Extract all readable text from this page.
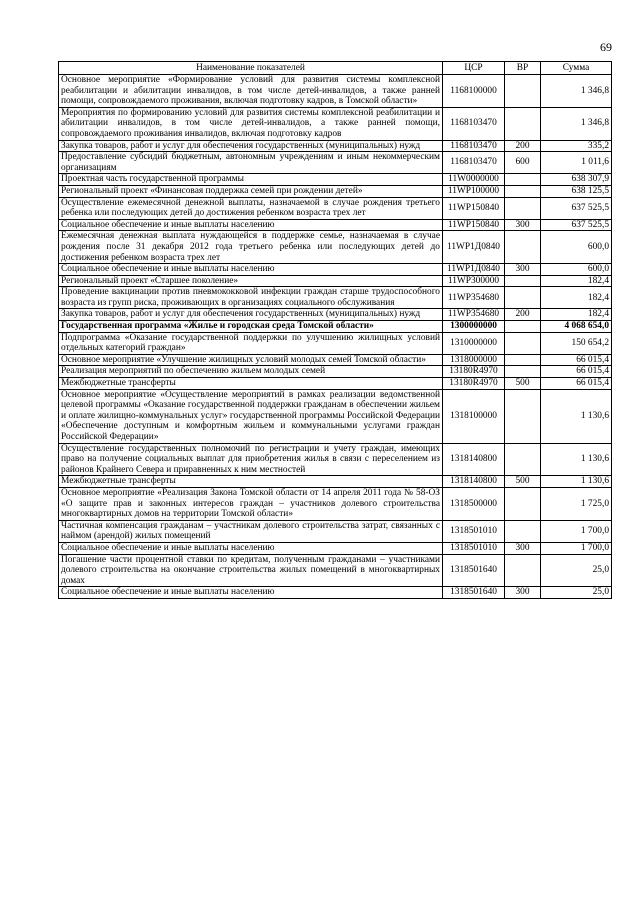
69
Наименование показателей	ЦСР	ВР	Сумма
Основное мероприятие «Формирование условий для развития системы комплексной реабилитации и абилитации инвалидов, в том числе детей-инвалидов, а также ранней помощи, сопровождаемого проживания, включая подготовку кадров, в Томской области»	1168100000		1 346,8
Мероприятия по формированию условий для развития системы комплексной реабилитации и абилитации инвалидов, в том числе детей-инвалидов, а также ранней помощи, сопровождаемого проживания инвалидов, включая подготовку кадров	1168103470		1 346,8
Закупка товаров, работ и услуг для обеспечения государственных (муниципальных) нужд	1168103470	200	335,2
Предоставление субсидий бюджетным, автономным учреждениям и иным некоммерческим организациям	1168103470	600	1 011,6
Проектная часть государственной программы	11W0000000		638 307,9
Региональный проект «Финансовая поддержка семей при рождении детей»	11WP100000		638 125,5
Осуществление ежемесячной денежной выплаты, назначаемой в случае рождения третьего ребенка или последующих детей до достижения ребенком возраста трех лет	11WP150840		637 525,5
Социальное обеспечение и иные выплаты населению	11WP150840	300	637 525,5
Ежемесячная денежная выплата нуждающейся в поддержке семье, назначаемая в случае рождения после 31 декабря 2012 года третьего ребенка или последующих детей до достижения ребенком возраста трех лет	11WP1Д0840		600,0
Социальное обеспечение и иные выплаты населению	11WP1Д0840	300	600,0
Региональный проект «Старшее поколение»	11WP300000		182,4
Проведение вакцинации против пневмококковой инфекции граждан старше трудоспособного возраста из групп риска, проживающих в организациях социального обслуживания	11WP354680		182,4
Закупка товаров, работ и услуг для обеспечения государственных (муниципальных) нужд	11WP354680	200	182,4
Государственная программа «Жилье и городская среда Томской области»	1300000000		4 068 654,0
Подпрограмма «Оказание государственной поддержки по улучшению жилищных условий отдельных категорий граждан»	1310000000		150 654,2
Основное мероприятие «Улучшение жилищных условий молодых семей Томской области»	1318000000		66 015,4
Реализация мероприятий по обеспечению жильем молодых семей	13180R4970		66 015,4
Межбюджетные трансферты	13180R4970	500	66 015,4
Основное мероприятие «Осуществление мероприятий в рамках реализации ведомственной целевой программы «Оказание государственной поддержки гражданам в обеспечении жильем и оплате жилищно-коммунальных услуг» государственной программы Российской Федерации «Обеспечение доступным и комфортным жильем и коммунальными услугами граждан Российской Федерации»	1318100000		1 130,6
Осуществление государственных полномочий по регистрации и учету граждан, имеющих право на получение социальных выплат для приобретения жилья в связи с переселением из районов Крайнего Севера и приравненных к ним местностей	1318140800		1 130,6
Межбюджетные трансферты	1318140800	500	1 130,6
Основное мероприятие «Реализация Закона Томской области от 14 апреля 2011 года № 58-ОЗ «О защите прав и законных интересов граждан – участников долевого строительства многоквартирных домов на территории Томской области»	1318500000		1 725,0
Частичная компенсация гражданам – участникам долевого строительства затрат, связанных с наймом (арендой) жилых помещений	1318501010		1 700,0
Социальное обеспечение и иные выплаты населению	1318501010	300	1 700,0
Погашение части процентной ставки по кредитам, полученным гражданами – участниками долевого строительства на окончание строительства жилых помещений в многоквартирных домах	1318501640		25,0
Социальное обеспечение и иные выплаты населению	1318501640	300	25,0
